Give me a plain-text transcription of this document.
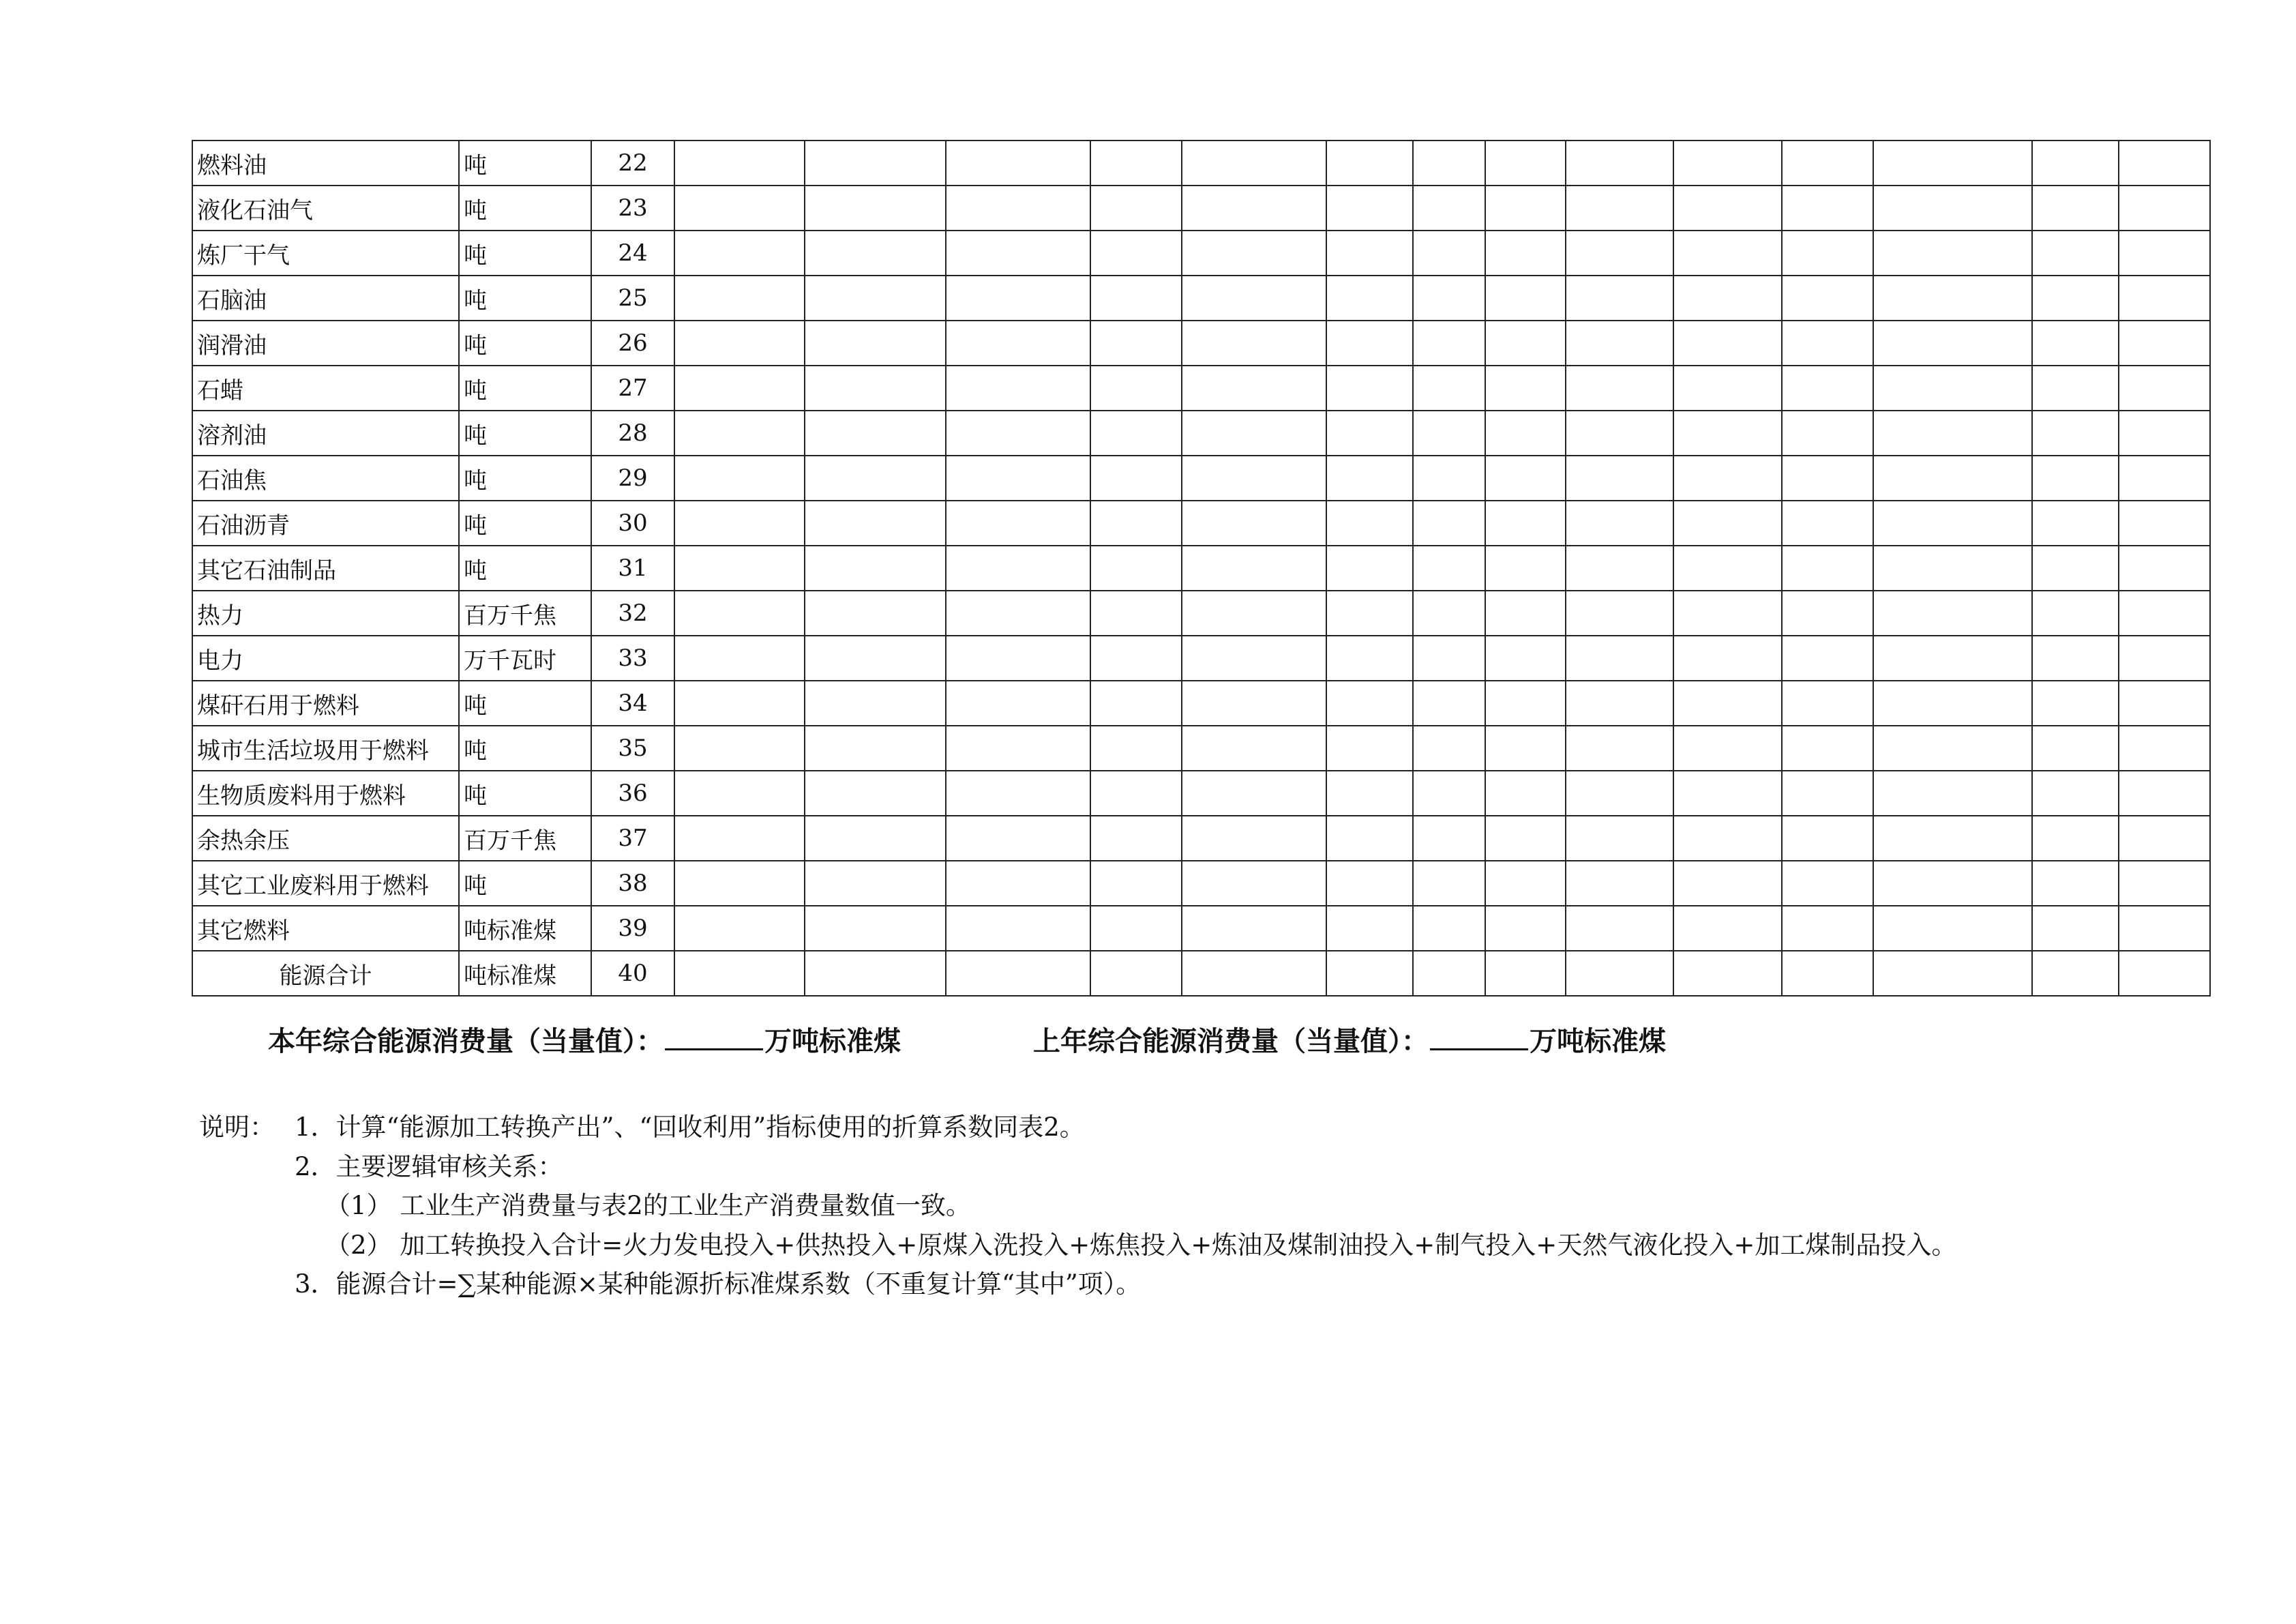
燃料油	吨	22														
液化石油气	吨	23														
炼厂干气	吨	24														
石脑油	吨	25														
润滑油	吨	26														
石蜡	吨	27														
溶剂油	吨	28														
石油焦	吨	29														
石油沥青	吨	30														
其它石油制品	吨	31														
热力	百万千焦	32														
电力	万千瓦时	33														
煤矸石用于燃料	吨	34														
城市生活垃圾用于燃料	吨	35														
生物质废料用于燃料	吨	36														
余热余压	百万千焦	37														
其它工业废料用于燃料	吨	38														
其它燃料	吨标准煤	39														
能源合计	吨标准煤	40														
本年综合能源消费量（当量值）：	万吨标准煤	上年综合能源消费量（当量值）：	万吨标准煤
说明： 1．计算“能源加工转换产出”、“回收利用”指标使用的折算系数同表2。
2．主要逻辑审核关系：
（1） 工业生产消费量与表2的工业生产消费量数值一致。
（2） 加工转换投入合计=火力发电投入+供热投入+原煤入洗投入+炼焦投入+炼油及煤制油投入+制气投入+天然气液化投入+加工煤制品投入。
3．能源合计=∑某种能源×某种能源折标准煤系数（不重复计算“其中”项）。
